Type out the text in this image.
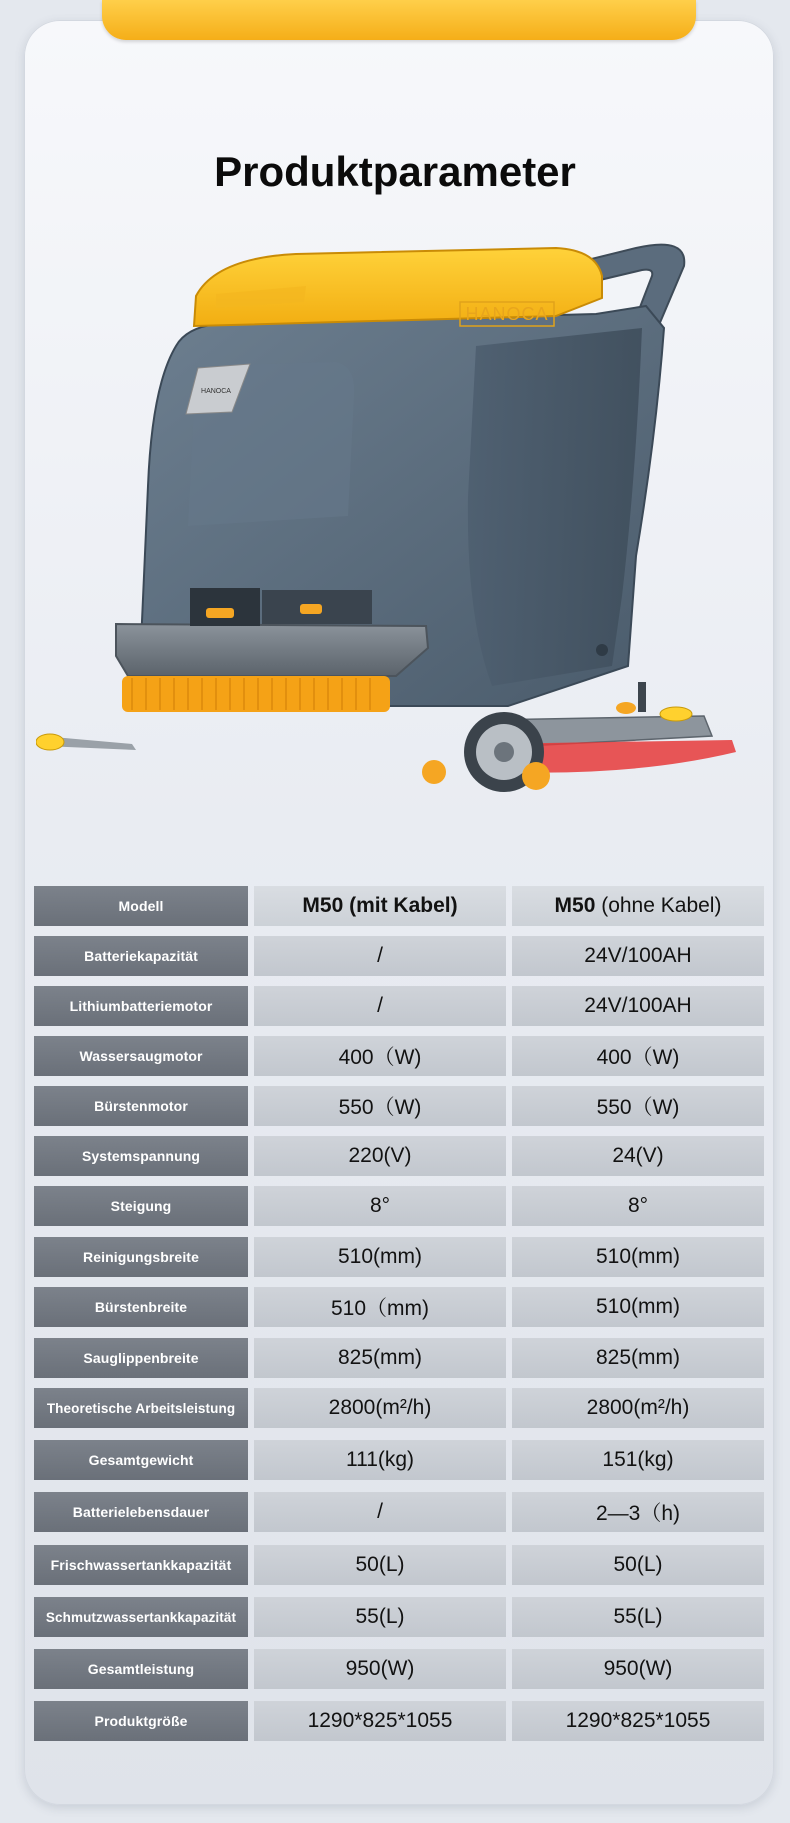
Produktparameter
HANOCA
HANOCA
Modell	M50 (mit Kabel)	M50 (ohne Kabel)
Batteriekapazität	/	24V/100AH
Lithiumbatteriemotor	/	24V/100AH
Wassersaugmotor	400（W)	400（W)
Bürstenmotor	550（W)	550（W)
Systemspannung	220(V)	24(V)
Steigung	8°	8°
Reinigungsbreite	510(mm)	510(mm)
Bürstenbreite	510（mm)	510(mm)
Sauglippenbreite	825(mm)	825(mm)
Theoretische Arbeitsleistung	2800(m²/h)	2800(m²/h)
Gesamtgewicht	111(kg)	151(kg)
Batterielebensdauer	/	2—3（h)
Frischwassertankkapazität	50(L)	50(L)
Schmutzwassertankkapazität	55(L)	55(L)
Gesamtleistung	950(W)	950(W)
Produktgröße	1290*825*1055	1290*825*1055
